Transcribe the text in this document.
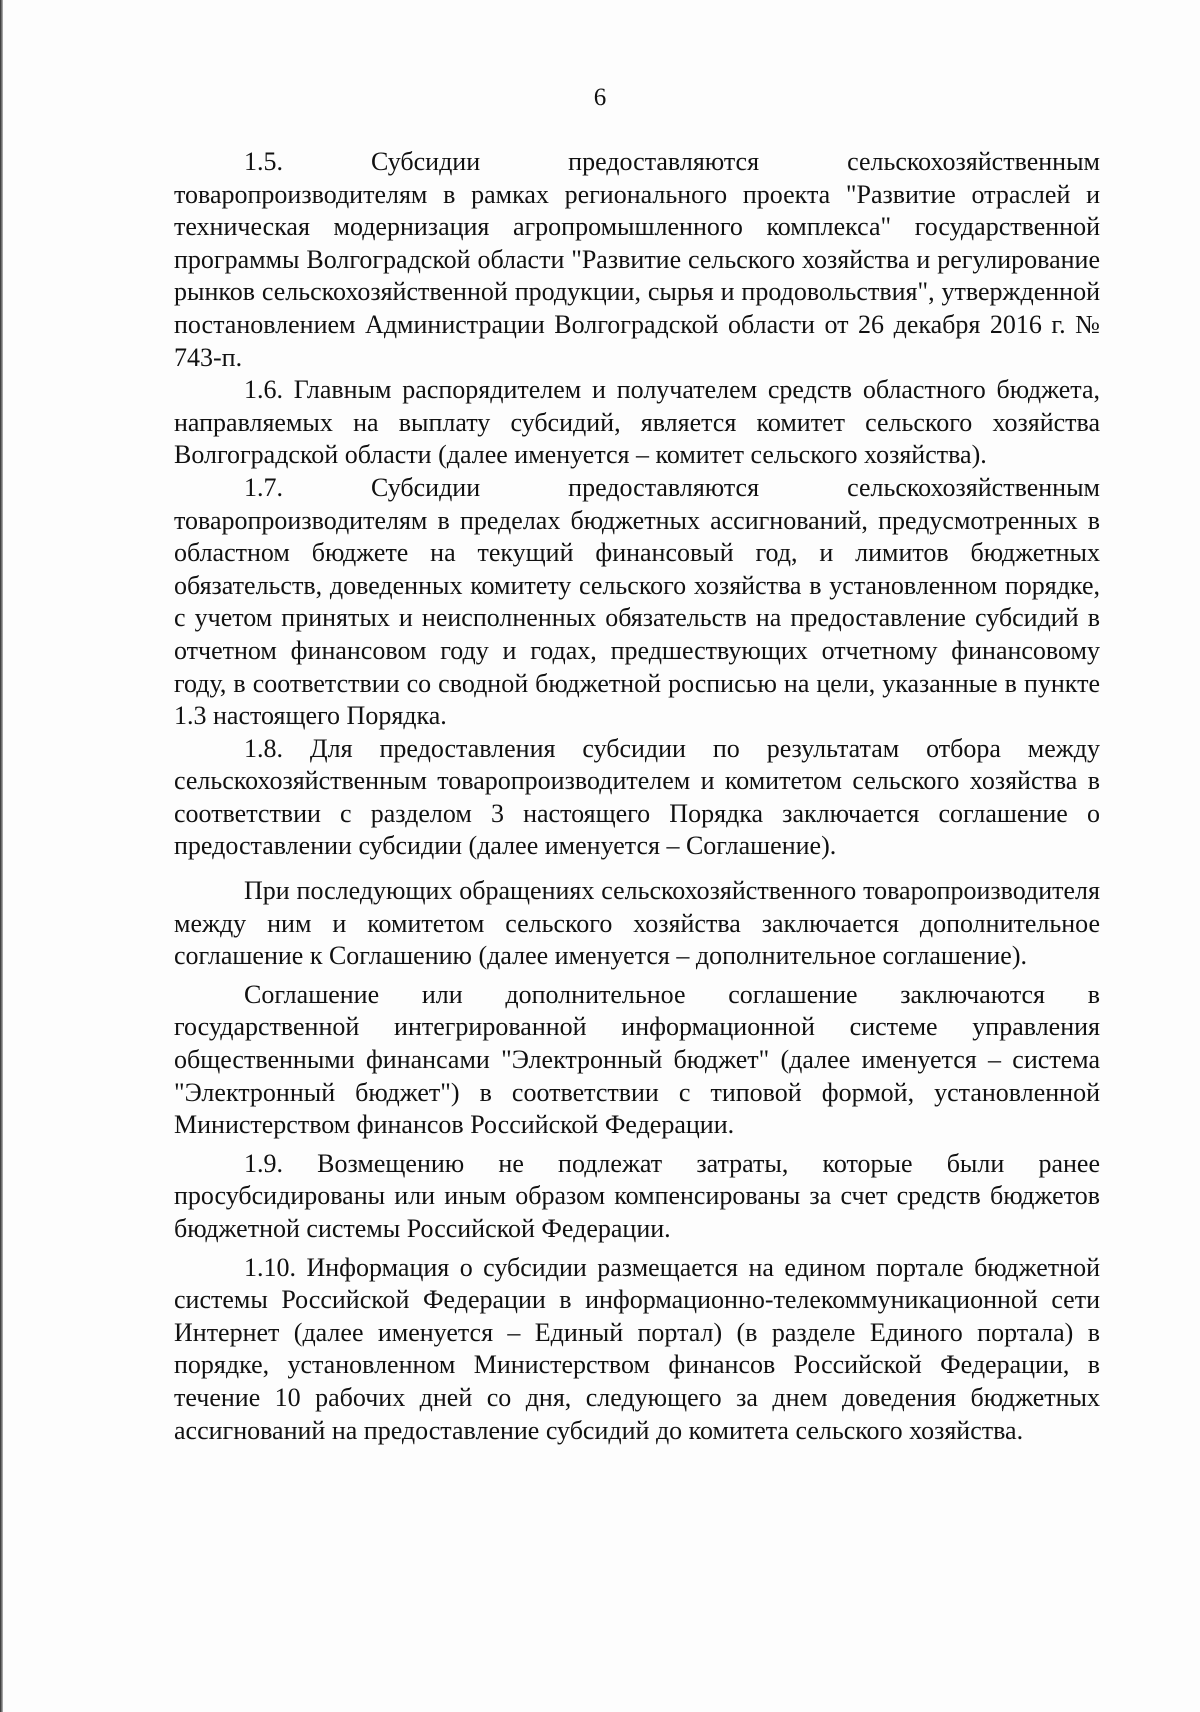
6

1.5. Субсидии предоставляются сельскохозяйственным товаропроизводителям в рамках регионального проекта "Развитие отраслей и техническая модернизация агропромышленного комплекса" государственной программы Волгоградской области "Развитие сельского хозяйства и регулирование рынков сельскохозяйственной продукции, сырья и продовольствия", утвержденной постановлением Администрации Волгоградской области от 26 декабря 2016 г. № 743-п.

1.6. Главным распорядителем и получателем средств областного бюджета, направляемых на выплату субсидий, является комитет сельского хозяйства Волгоградской области (далее именуется – комитет сельского хозяйства).

1.7. Субсидии предоставляются сельскохозяйственным товаропроизводителям в пределах бюджетных ассигнований, предусмотренных в областном бюджете на текущий финансовый год, и лимитов бюджетных обязательств, доведенных комитету сельского хозяйства в установленном порядке, с учетом принятых и неисполненных обязательств на предоставление субсидий в отчетном финансовом году и годах, предшествующих отчетному финансовому году, в соответствии со сводной бюджетной росписью на цели, указанные в пункте 1.3 настоящего Порядка.

1.8. Для предоставления субсидии по результатам отбора между сельскохозяйственным товаропроизводителем и комитетом сельского хозяйства в соответствии с разделом 3 настоящего Порядка заключается соглашение о предоставлении субсидии (далее именуется – Соглашение).

При последующих обращениях сельскохозяйственного товаропроизводителя между ним и комитетом сельского хозяйства заключается дополнительное соглашение к Соглашению (далее именуется – дополнительное соглашение).

Соглашение или дополнительное соглашение заключаются в государственной интегрированной информационной системе управления общественными финансами "Электронный бюджет" (далее именуется – система "Электронный бюджет") в соответствии с типовой формой, установленной Министерством финансов Российской Федерации.

1.9. Возмещению не подлежат затраты, которые были ранее просубсидированы или иным образом компенсированы за счет средств бюджетов бюджетной системы Российской Федерации.

1.10. Информация о субсидии размещается на едином портале бюджетной системы Российской Федерации в информационно-телекоммуникационной сети Интернет (далее именуется – Единый портал) (в разделе Единого портала) в порядке, установленном Министерством финансов Российской Федерации, в течение 10 рабочих дней со дня, следующего за днем доведения бюджетных ассигнований на предоставление субсидий до комитета сельского хозяйства.
